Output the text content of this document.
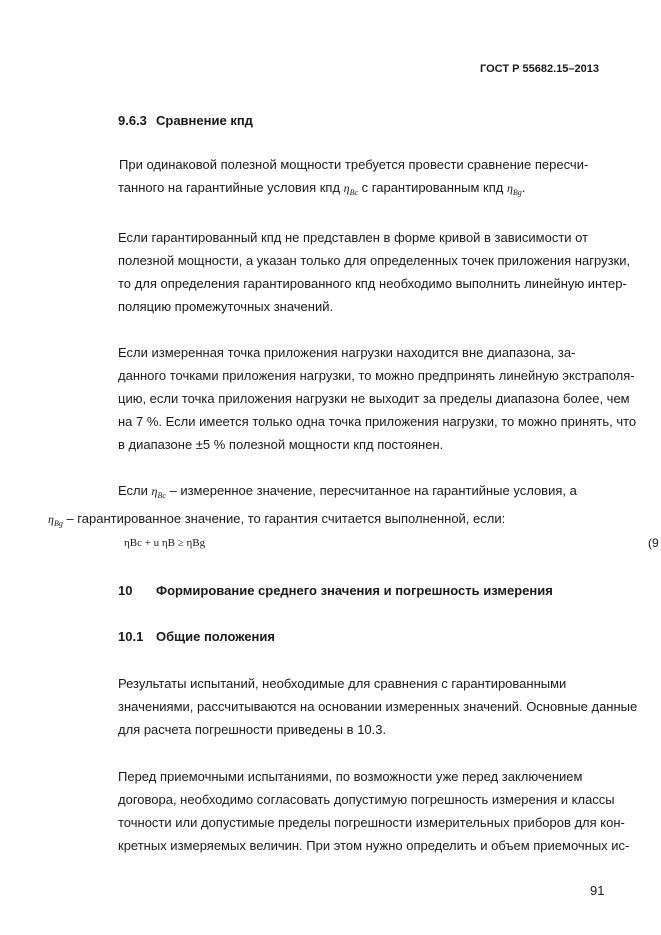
ГОСТ Р 55682.15–2013
9.6.3 Сравнение кпд
При одинаковой полезной мощности требуется провести сравнение пересчи-
танного на гарантийные условия кпд $\eta_{Bc}$ с гарантированным кпд $\eta_{Bg}$.
Если гарантированный кпд не представлен в форме кривой в зависимости от
полезной мощности, а указан только для определенных точек приложения нагрузки,
то для определения гарантированного кпд необходимо выполнить линейную интер-
поляцию промежуточных значений.
Если измеренная точка приложения нагрузки находится вне диапазона, за-
данного точками приложения нагрузки, то можно предпринять линейную экстраполя-
цию, если точка приложения нагрузки не выходит за пределы диапазона более, чем
на 7 %. Если имеется только одна точка приложения нагрузки, то можно принять, что
в диапазоне ±5 % полезной мощности кпд постоянен.
Если $\eta_{Bc}$ – измеренное значение, пересчитанное на гарантийные условия, а
$\eta_{Bg}$ – гарантированное значение, то гарантия считается выполненной, если:
ηBc + u ηB ≥ ηBg	(9
10 Формирование среднего значения и погрешность измерения
10.1 Общие положения
Результаты испытаний, необходимые для сравнения с гарантированными
значениями, рассчитываются на основании измеренных значений. Основные данные
для расчета погрешности приведены в 10.3.
Перед приемочными испытаниями, по возможности уже перед заключением
договора, необходимо согласовать допустимую погрешность измерения и классы
точности или допустимые пределы погрешности измерительных приборов для кон-
кретных измеряемых величин. При этом нужно определить и объем приемочных ис-
91
